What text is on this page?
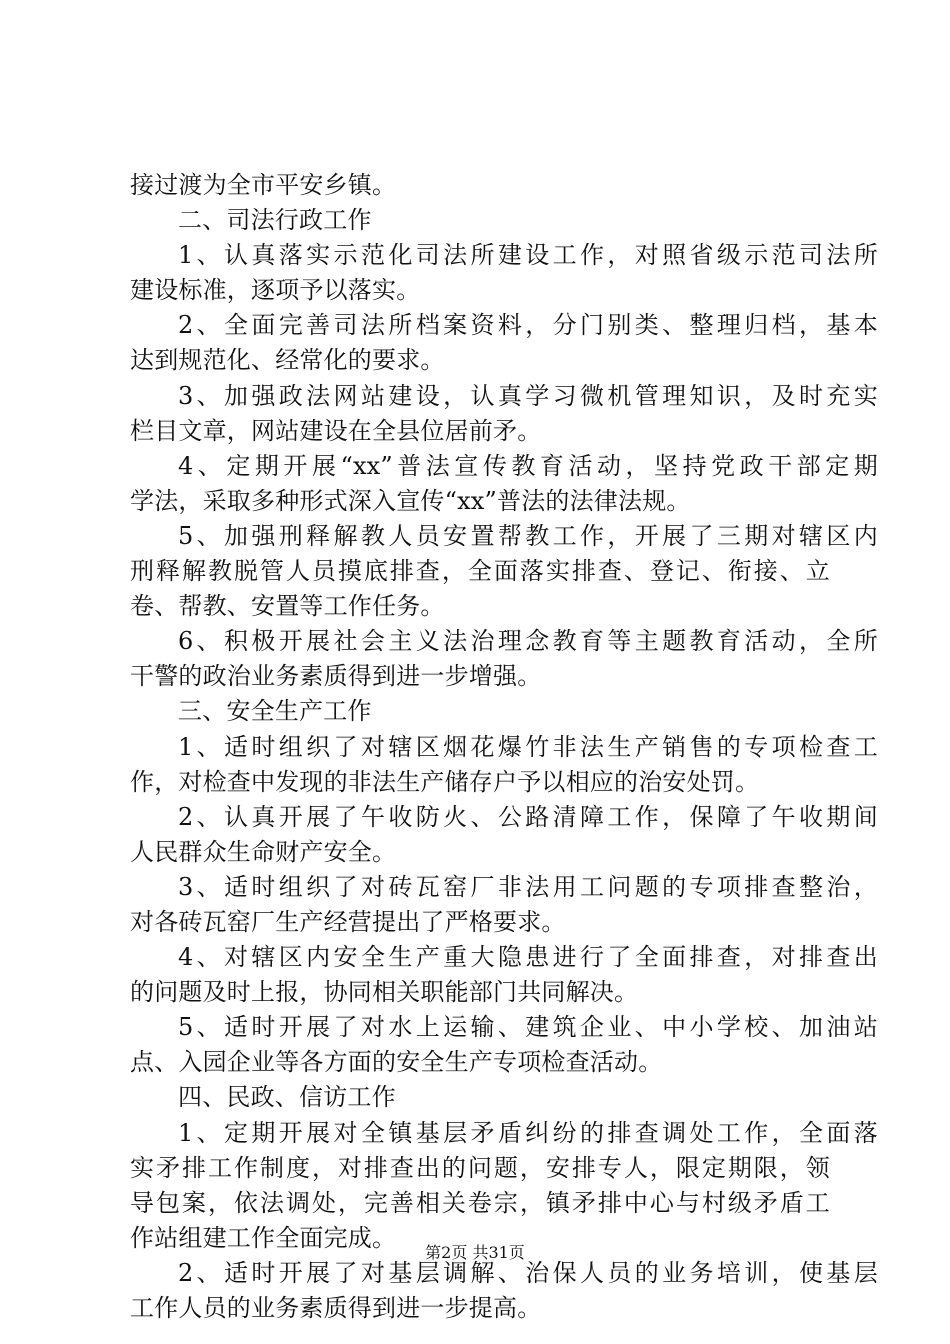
接过渡为全市平安乡镇。
二、司法行政工作
1、认真落实示范化司法所建设工作，对照省级示范司法所
建设标准，逐项予以落实。
2、全面完善司法所档案资料，分门别类、整理归档，基本
达到规范化、经常化的要求。
3、加强政法网站建设，认真学习微机管理知识，及时充实
栏目文章，网站建设在全县位居前矛。
4、定期开展“xx”普法宣传教育活动，坚持党政干部定期
学法，采取多种形式深入宣传“xx”普法的法律法规。
5、加强刑释解教人员安置帮教工作，开展了三期对辖区内
刑释解教脱管人员摸底排查，全面落实排查、登记、衔接、立
卷、帮教、安置等工作任务。
6、积极开展社会主义法治理念教育等主题教育活动，全所
干警的政治业务素质得到进一步增强。
三、安全生产工作
1、适时组织了对辖区烟花爆竹非法生产销售的专项检查工
作，对检查中发现的非法生产储存户予以相应的治安处罚。
2、认真开展了午收防火、公路清障工作，保障了午收期间
人民群众生命财产安全。
3、适时组织了对砖瓦窑厂非法用工问题的专项排查整治，
对各砖瓦窑厂生产经营提出了严格要求。
4、对辖区内安全生产重大隐患进行了全面排查，对排查出
的问题及时上报，协同相关职能部门共同解决。
5、适时开展了对水上运输、建筑企业、中小学校、加油站
点、入园企业等各方面的安全生产专项检查活动。
四、民政、信访工作
1、定期开展对全镇基层矛盾纠纷的排查调处工作，全面落
实矛排工作制度，对排查出的问题，安排专人，限定期限，领
导包案，依法调处，完善相关卷宗，镇矛排中心与村级矛盾工
作站组建工作全面完成。
2、适时开展了对基层调解、治保人员的业务培训，使基层
工作人员的业务素质得到进一步提高。
第2页 共31页
